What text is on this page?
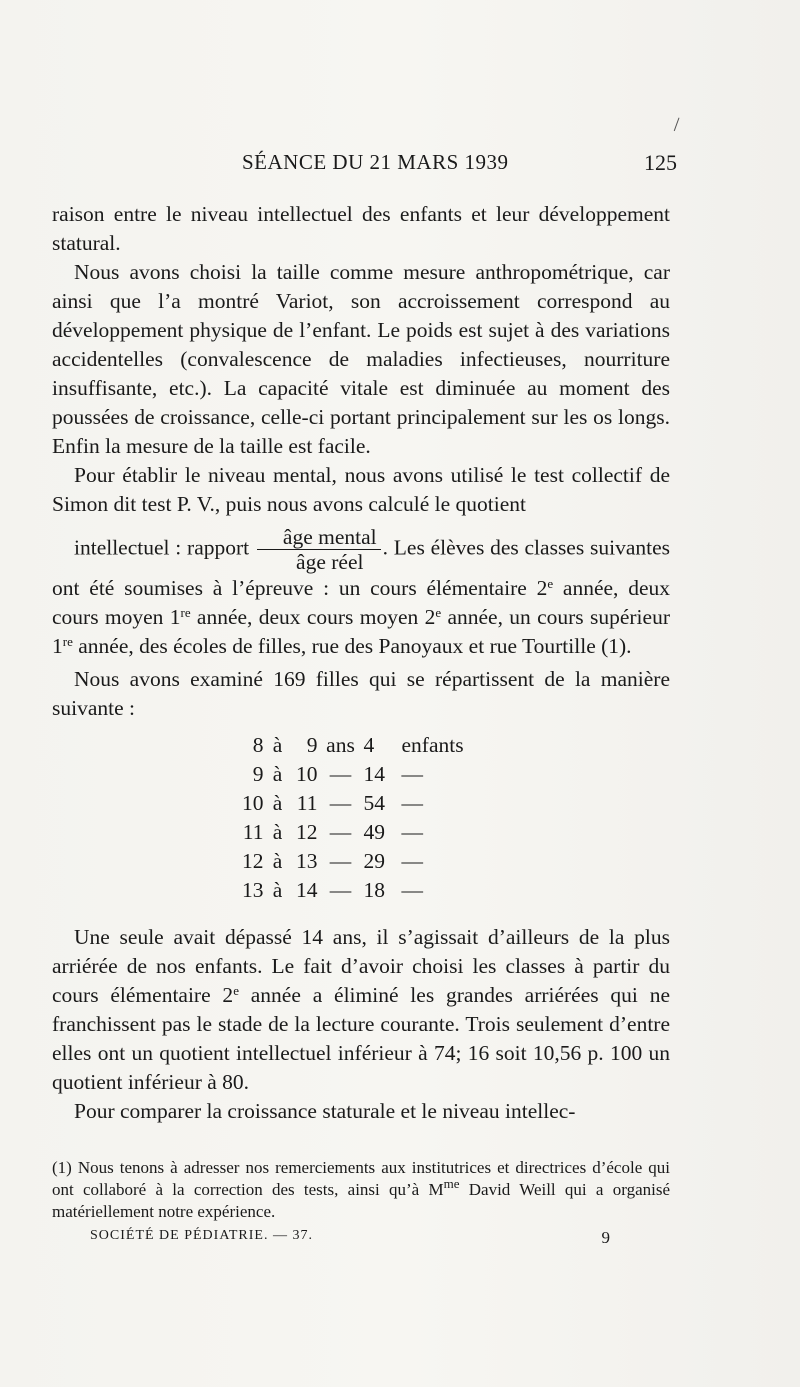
SÉANCE DU 21 MARS 1939	125

raison entre le niveau intellectuel des enfants et leur développement statural.

Nous avons choisi la taille comme mesure anthropométrique, car ainsi que l’a montré Variot, son accroissement correspond au développement physique de l’enfant. Le poids est sujet à des variations accidentelles (convalescence de maladies infectieuses, nourriture insuffisante, etc.). La capacité vitale est diminuée au moment des poussées de croissance, celle-ci portant principalement sur les os longs. Enfin la mesure de la taille est facile.

Pour établir le niveau mental, nous avons utilisé le test collectif de Simon dit test P. V., puis nous avons calculé le quotient
intellectuel : rapport $\frac{\text{âge mental}}{\text{âge réel}}$ . Les élèves des classes suivantes ont été soumises à l’épreuve : un cours élémentaire 2e année, deux cours moyen 1re année, deux cours moyen 2e année, un cours supérieur 1re année, des écoles de filles, rue des Panoyaux et rue Tourtille (1).

Nous avons examiné 169 filles qui se répartissent de la manière suivante :

8	à	9	ans	4	enfants
9	à	10	—	14	—
10	à	11	—	54	—
11	à	12	—	49	—
12	à	13	—	29	—
13	à	14	—	18	—

Une seule avait dépassé 14 ans, il s’agissait d’ailleurs de la plus arriérée de nos enfants. Le fait d’avoir choisi les classes à partir du cours élémentaire 2e année a éliminé les grandes arriérées qui ne franchissent pas le stade de la lecture courante. Trois seulement d’entre elles ont un quotient intellectuel inférieur à 74; 16 soit 10,56 p. 100 un quotient inférieur à 80.

Pour comparer la croissance staturale et le niveau intellec-

(1) Nous tenons à adresser nos remerciements aux institutrices et directrices d’école qui ont collaboré à la correction des tests, ainsi qu’à $M^{me}$ David Weill qui a organisé matériellement notre expérience.
SOCIÉTÉ DE PÉDIATRIE. — 37.	9
